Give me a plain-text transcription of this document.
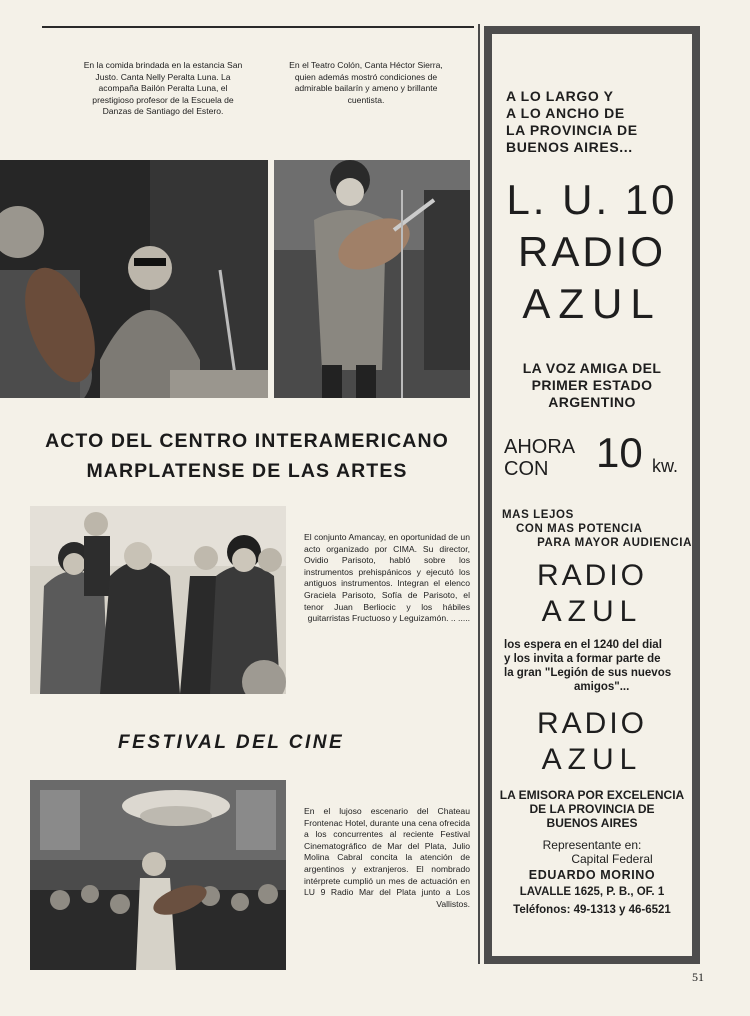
En la comida brindada en la estancia San Justo. Canta Nelly Peralta Luna. La acompaña Bailón Peralta Luna, el prestigioso profesor de la Escuela de Danzas de Santiago del Estero.
En el Teatro Colón, Canta Héctor Sierra, quien además mostró condiciones de admirable bailarín y ameno y brillante cuentista.
ACTO DEL CENTRO INTERAMERICANO
MARPLATENSE DE LAS ARTES
El conjunto Amancay, en oportunidad de un acto organizado por CIMA. Su director, Ovidio Parisoto, habló sobre los instrumentos prehispánicos y ejecutó los antiguos instrumentos. Integran el elenco Graciela Parisoto, Sofía de Parisoto, el tenor Juan Berliocic y los hábiles guitarristas Fructuoso y Leguizamón. .. .....
FESTIVAL DEL CINE
En el lujoso escenario del Chateau Frontenac Hotel, durante una cena ofrecida a los concurrentes al reciente Festival Cinematográfico de Mar del Plata, Julio Molina Cabral concita la atención de argentinos y extranjeros. El nombrado intérprete cumplió un mes de actuación en LU 9 Radio Mar del Plata junto a Los Vallistos.
A LO LARGO Y
A LO ANCHO DE
LA PROVINCIA DE
BUENOS AIRES...
L. U. 10
RADIO
AZUL
LA VOZ AMIGA DEL
PRIMER ESTADO
ARGENTINO
AHORA
CON	10 kw.
MAS LEJOS
CON MAS POTENCIA
PARA MAYOR AUDIENCIA
RADIO
AZUL
los espera en el 1240 del dial
y los invita a formar parte de
la gran "Legión de sus nuevos
amigos"...
RADIO
AZUL
LA EMISORA POR EXCELENCIA
DE LA PROVINCIA DE
BUENOS AIRES
Representante en:
Capital Federal
EDUARDO MORINO
LAVALLE 1625, P. B., OF. 1
Teléfonos: 49-1313 y 46-6521
51
